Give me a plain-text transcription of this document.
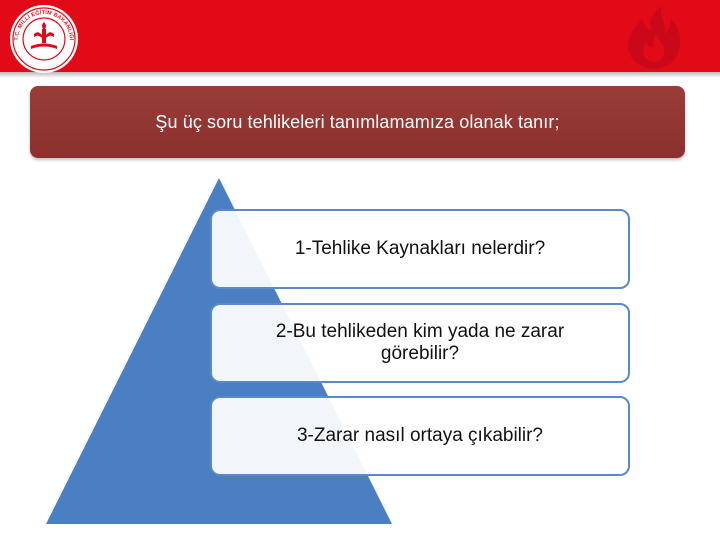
T.C. MİLLİ EĞİTİM BAKANLIĞI
Şu üç soru tehlikeleri tanımlamamıza olanak tanır;
1-Tehlike Kaynakları nelerdir?
2-Bu tehlikeden kim yada ne zarar görebilir?
3-Zarar nasıl ortaya çıkabilir?
